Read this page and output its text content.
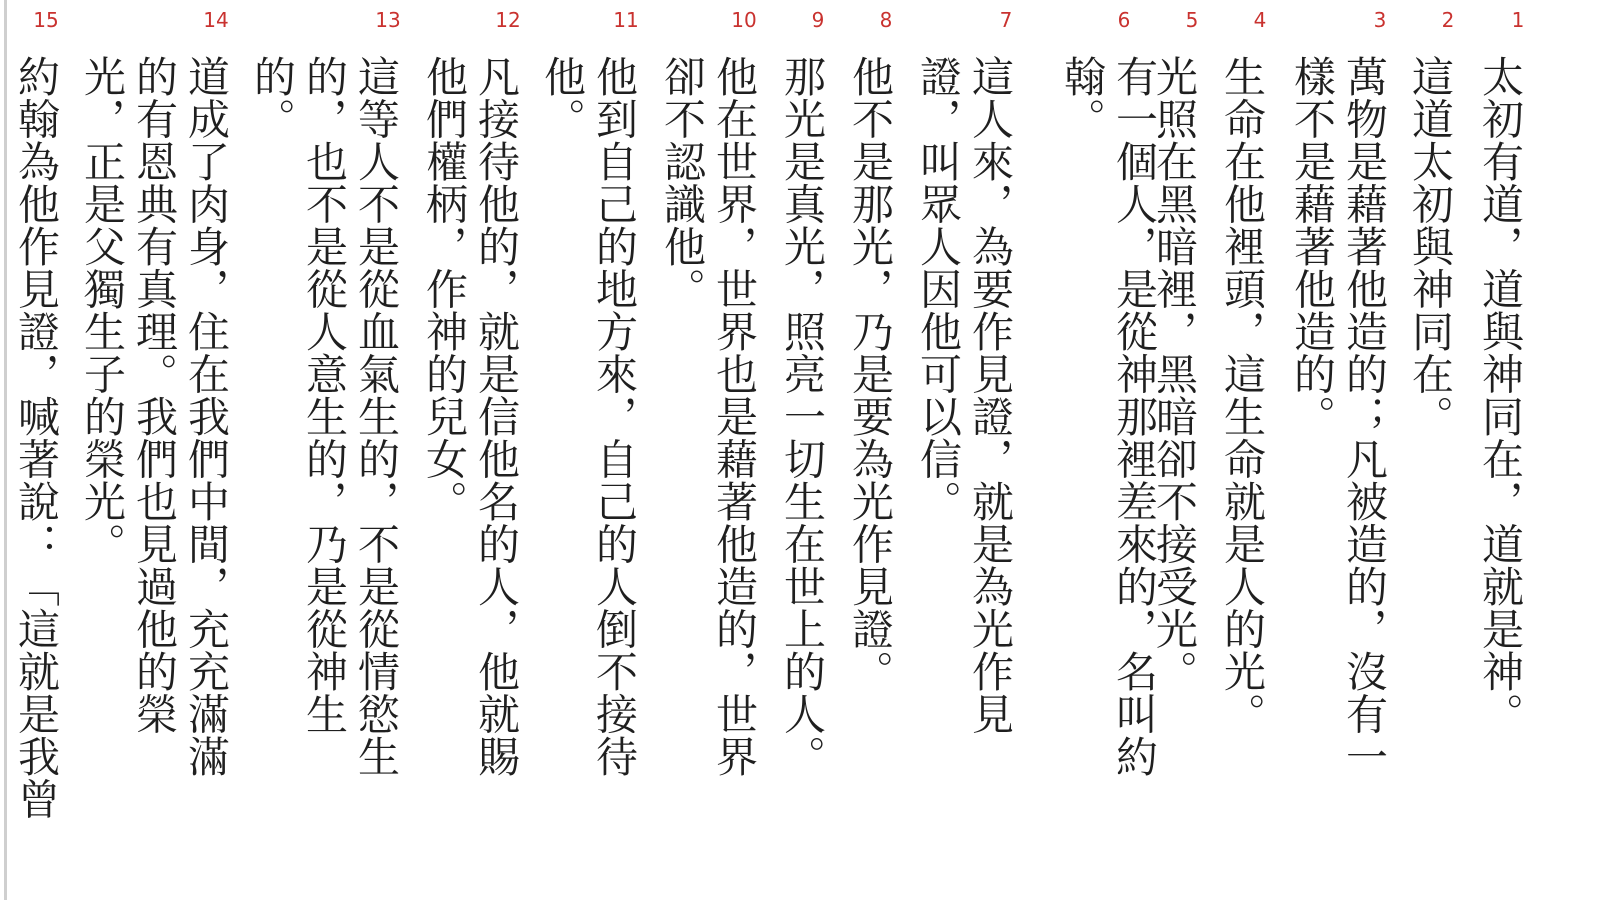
1
太初有道，道與神同在，道就是神。
2
這道太初與神同在。
3
萬物是藉著他造的；凡被造的，沒有一樣不是藉著他造的。
4
生命在他裡頭，這生命就是人的光。
5
光照在黑暗裡，黑暗卻不接受光。
6
有一個人，是從神那裡差來的，名叫約翰。
7
這人來，為要作見證，就是為光作見證，叫眾人因他可以信。
8
他不是那光，乃是要為光作見證。
9
那光是真光，照亮一切生在世上的人。
10
他在世界，世界也是藉著他造的，世界卻不認識他。
11
他到自己的地方來，自己的人倒不接待他。
12
凡接待他的，就是信他名的人，他就賜他們權柄，作神的兒女。
13
這等人不是從血氣生的，不是從情慾生的，也不是從人意生的，乃是從神生的。
14
道成了肉身，住在我們中間，充充滿滿的有恩典有真理。我們也見過他的榮光，正是父獨生子的榮光。
15
約翰為他作見證，喊著說：「這就是我曾
